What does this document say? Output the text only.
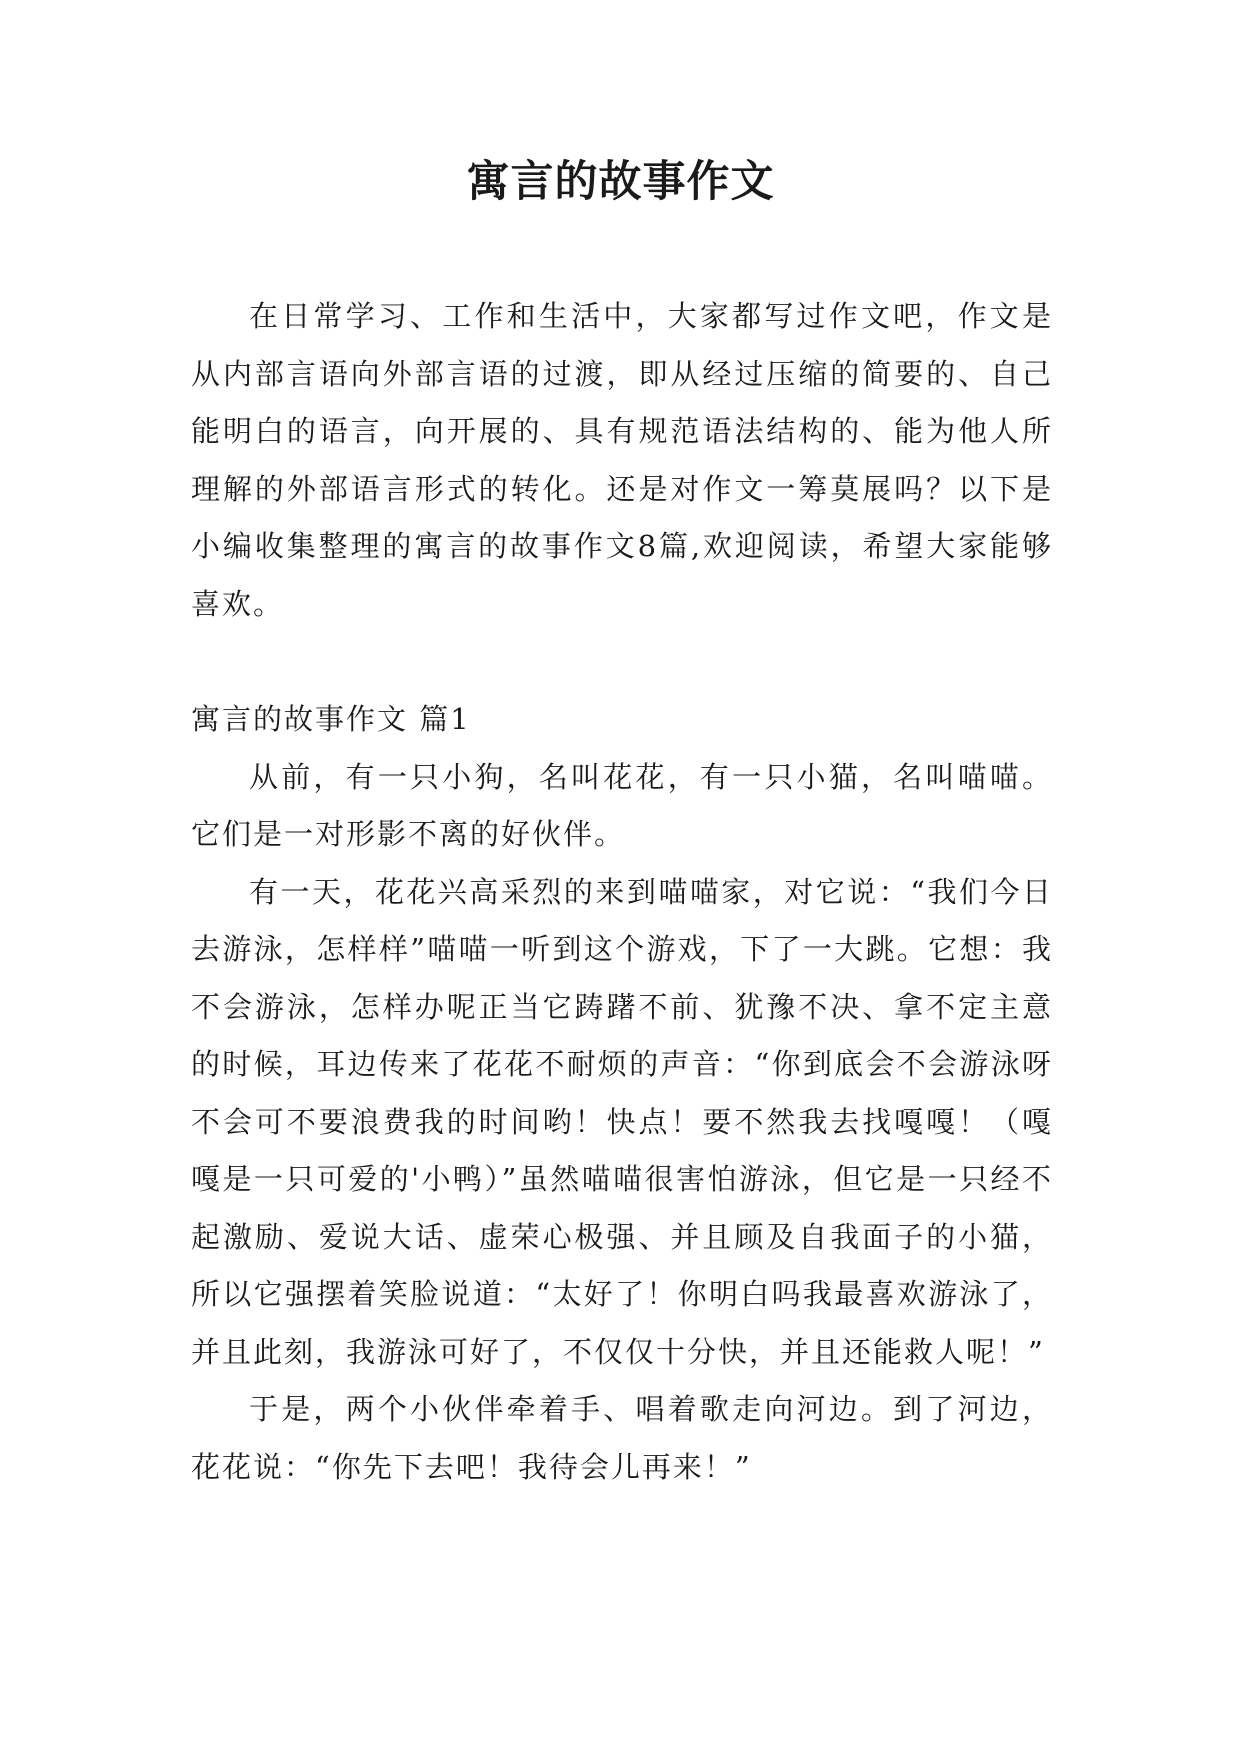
寓言的故事作文

在日常学习、工作和生活中，大家都写过作文吧，作文是从内部言语向外部言语的过渡，即从经过压缩的简要的、自己能明白的语言，向开展的、具有规范语法结构的、能为他人所理解的外部语言形式的转化。还是对作文一筹莫展吗？以下是小编收集整理的寓言的故事作文8篇,欢迎阅读，希望大家能够喜欢。

寓言的故事作文 篇1

从前，有一只小狗，名叫花花，有一只小猫，名叫喵喵。它们是一对形影不离的好伙伴。

有一天，花花兴高采烈的来到喵喵家，对它说：“我们今日去游泳，怎样样”喵喵一听到这个游戏，下了一大跳。它想：我不会游泳，怎样办呢正当它踌躇不前、犹豫不决、拿不定主意的时候，耳边传来了花花不耐烦的声音：“你到底会不会游泳呀不会可不要浪费我的时间哟！快点！要不然我去找嘎嘎！（嘎嘎是一只可爱的'小鸭）”虽然喵喵很害怕游泳，但它是一只经不起激励、爱说大话、虚荣心极强、并且顾及自我面子的小猫，所以它强摆着笑脸说道：“太好了！你明白吗我最喜欢游泳了，并且此刻，我游泳可好了，不仅仅十分快，并且还能救人呢！”

于是，两个小伙伴牵着手、唱着歌走向河边。到了河边，花花说：“你先下去吧！我待会儿再来！”
